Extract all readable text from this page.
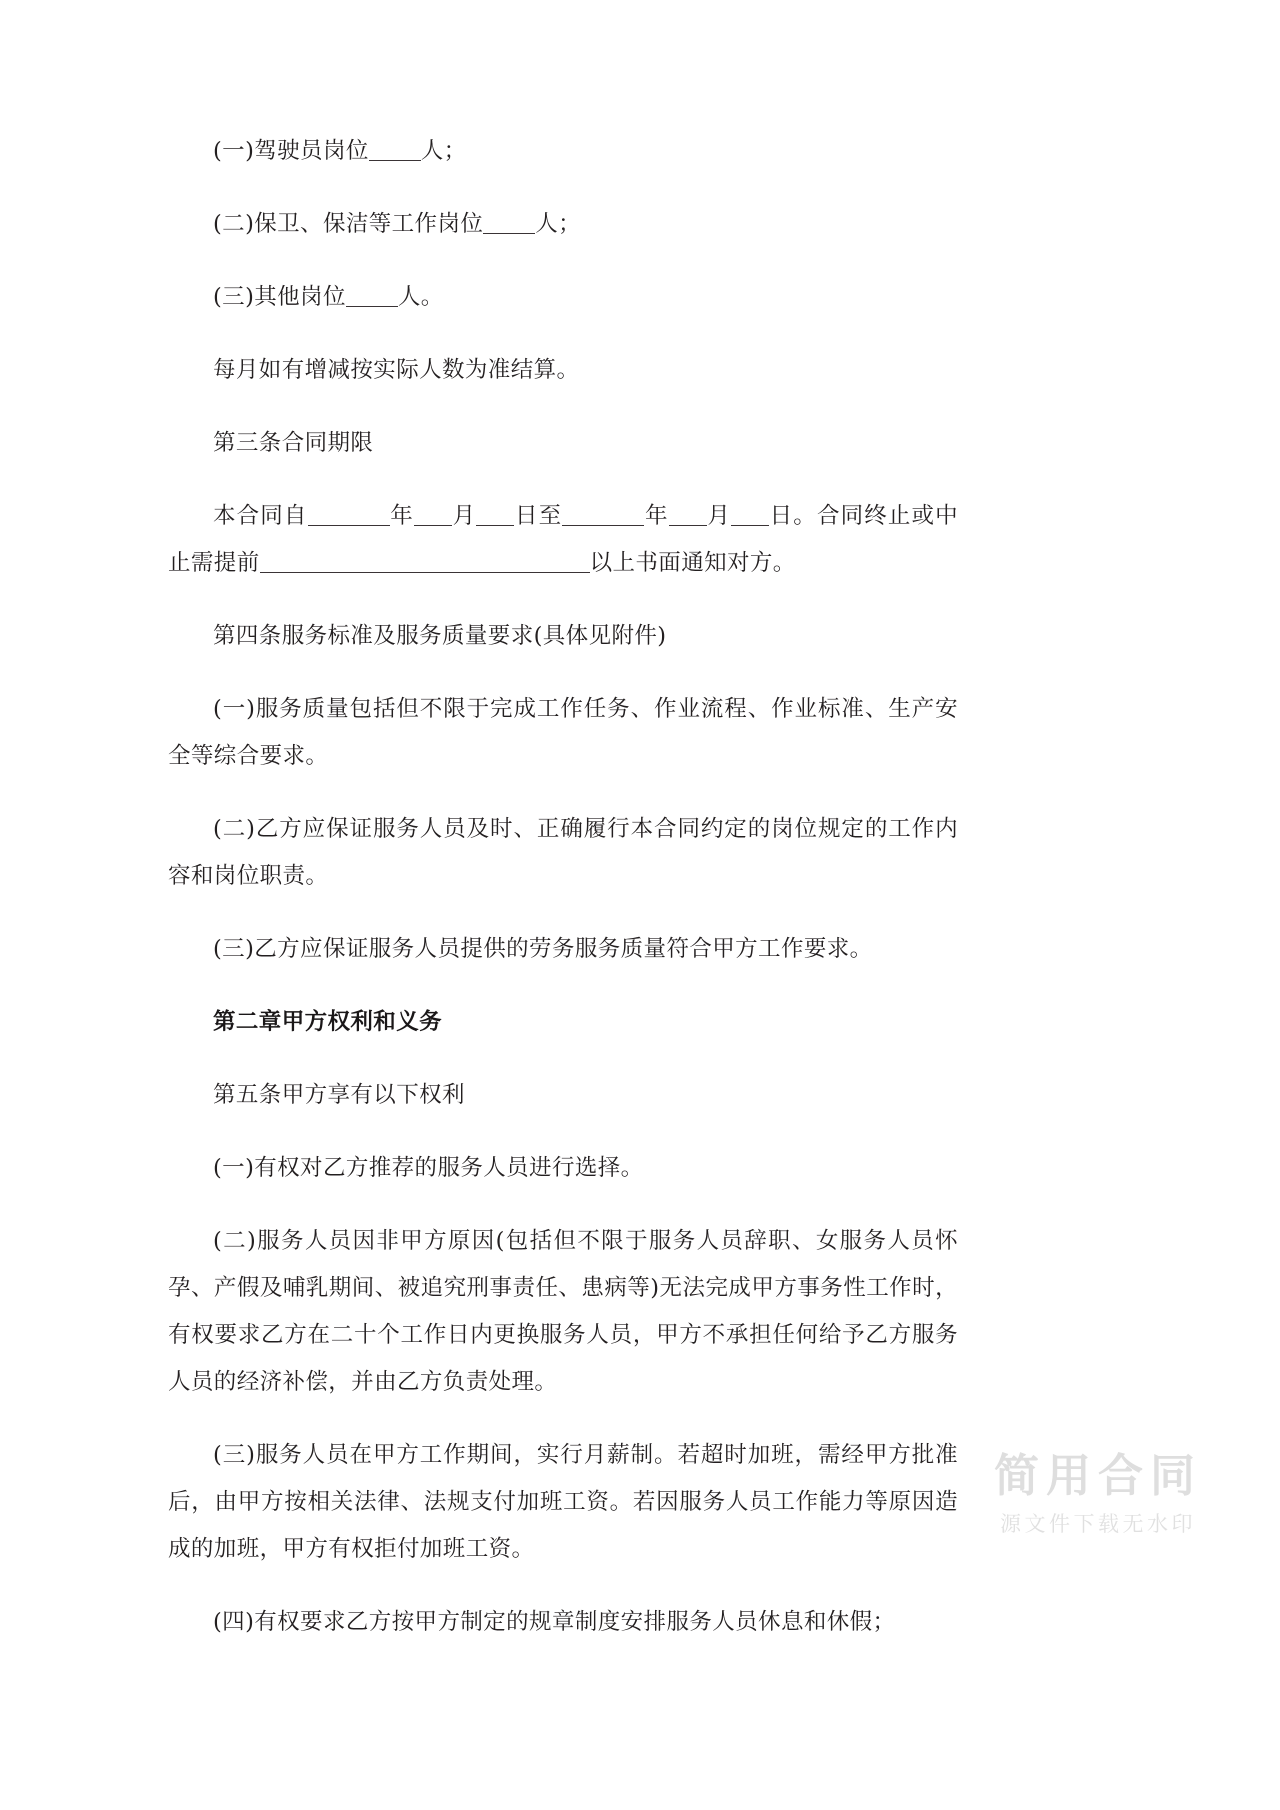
(一)驾驶员岗位 人；

(二)保卫、保洁等工作岗位 人；

(三)其他岗位 人。

每月如有增减按实际人数为准结算。

第三条合同期限

本合同自	年 月 日至	年 月 日。合同终止或中止需提前	以上书面通知对方。

第四条服务标准及服务质量要求(具体见附件)

(一)服务质量包括但不限于完成工作任务、作业流程、作业标准、生产安全等综合要求。

(二)乙方应保证服务人员及时、正确履行本合同约定的岗位规定的工作内容和岗位职责。

(三)乙方应保证服务人员提供的劳务服务质量符合甲方工作要求。

第二章甲方权利和义务

第五条甲方享有以下权利

(一)有权对乙方推荐的服务人员进行选择。

(二)服务人员因非甲方原因(包括但不限于服务人员辞职、女服务人员怀孕、产假及哺乳期间、被追究刑事责任、患病等)无法完成甲方事务性工作时，有权要求乙方在二十个工作日内更换服务人员，甲方不承担任何给予乙方服务人员的经济补偿，并由乙方负责处理。

(三)服务人员在甲方工作期间，实行月薪制。若超时加班，需经甲方批准后，由甲方按相关法律、法规支付加班工资。若因服务人员工作能力等原因造成的加班，甲方有权拒付加班工资。

(四)有权要求乙方按甲方制定的规章制度安排服务人员休息和休假；

简用合同
源文件下载无水印
